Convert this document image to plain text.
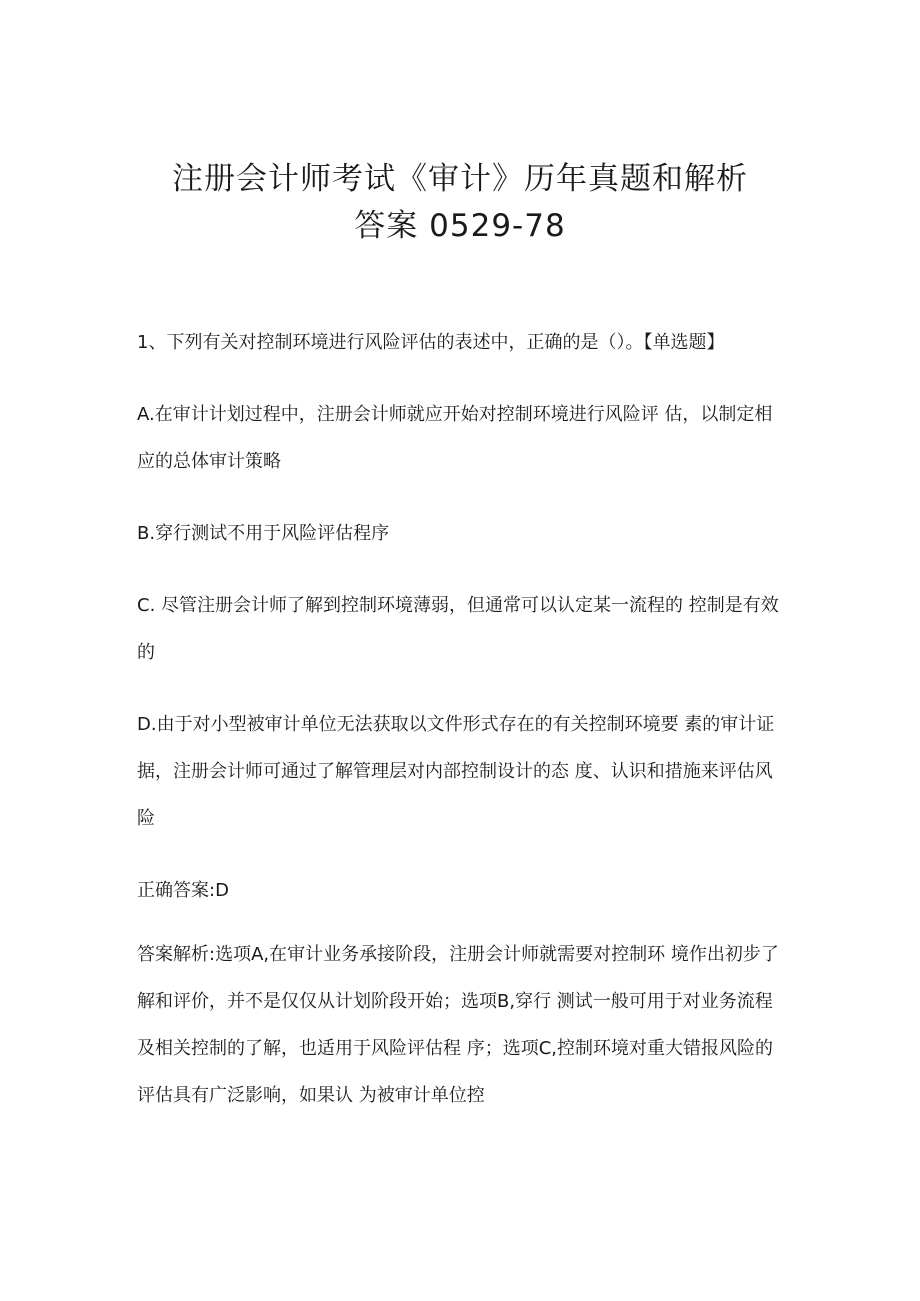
注册会计师考试《审计》历年真题和解析
答案 0529-78

1、下列有关对控制环境进行风险评估的表述中，正确的是（）。【单选题】

A.在审计计划过程中，注册会计师就应开始对控制环境进行风险评 估，以制定相应的总体审计策略

B.穿行测试不用于风险评估程序

C. 尽管注册会计师了解到控制环境薄弱，但通常可以认定某一流程的 控制是有效的

D.由于对小型被审计单位无法获取以文件形式存在的有关控制环境要 素的审计证据，注册会计师可通过了解管理层对内部控制设计的态 度、认识和措施来评估风险

正确答案:D

答案解析:选项A,在审计业务承接阶段，注册会计师就需要对控制环 境作出初步了解和评价，并不是仅仅从计划阶段开始；选项B,穿行 测试一般可用于对业务流程及相关控制的了解，也适用于风险评估程 序；选项C,控制环境对重大错报风险的评估具有广泛影响，如果认 为被审计单位控
